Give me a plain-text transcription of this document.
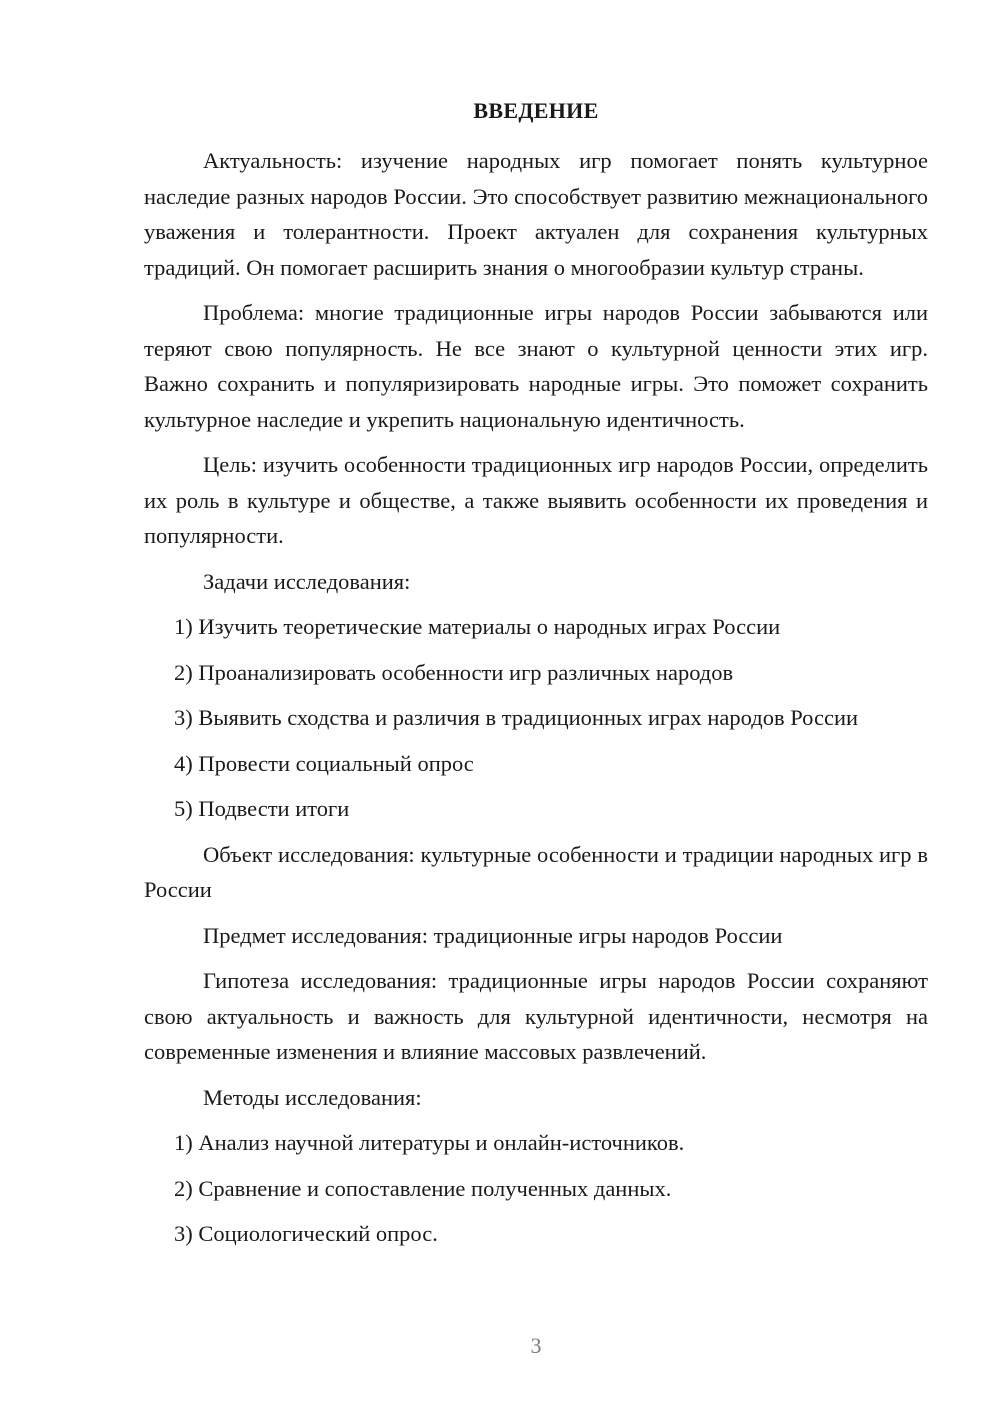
ВВЕДЕНИЕ

Актуальность: изучение народных игр помогает понять культурное наследие разных народов России. Это способствует развитию межнационального уважения и толерантности. Проект актуален для сохранения культурных традиций. Он помогает расширить знания о многообразии культур страны.

Проблема: многие традиционные игры народов России забываются или теряют свою популярность. Не все знают о культурной ценности этих игр. Важно сохранить и популяризировать народные игры. Это поможет сохранить культурное наследие и укрепить национальную идентичность.

Цель: изучить особенности традиционных игр народов России, определить их роль в культуре и обществе, а также выявить особенности их проведения и популярности.

Задачи исследования:

1) Изучить теоретические материалы о народных играх России

2) Проанализировать особенности игр различных народов

3) Выявить сходства и различия в традиционных играх народов России

4) Провести социальный опрос

5) Подвести итоги

Объект исследования: культурные особенности и традиции народных игр в России

Предмет исследования: традиционные игры народов России

Гипотеза исследования: традиционные игры народов России сохраняют свою актуальность и важность для культурной идентичности, несмотря на современные изменения и влияние массовых развлечений.

Методы исследования:

1) Анализ научной литературы и онлайн-источников.

2) Сравнение и сопоставление полученных данных.

3) Социологический опрос.

3
